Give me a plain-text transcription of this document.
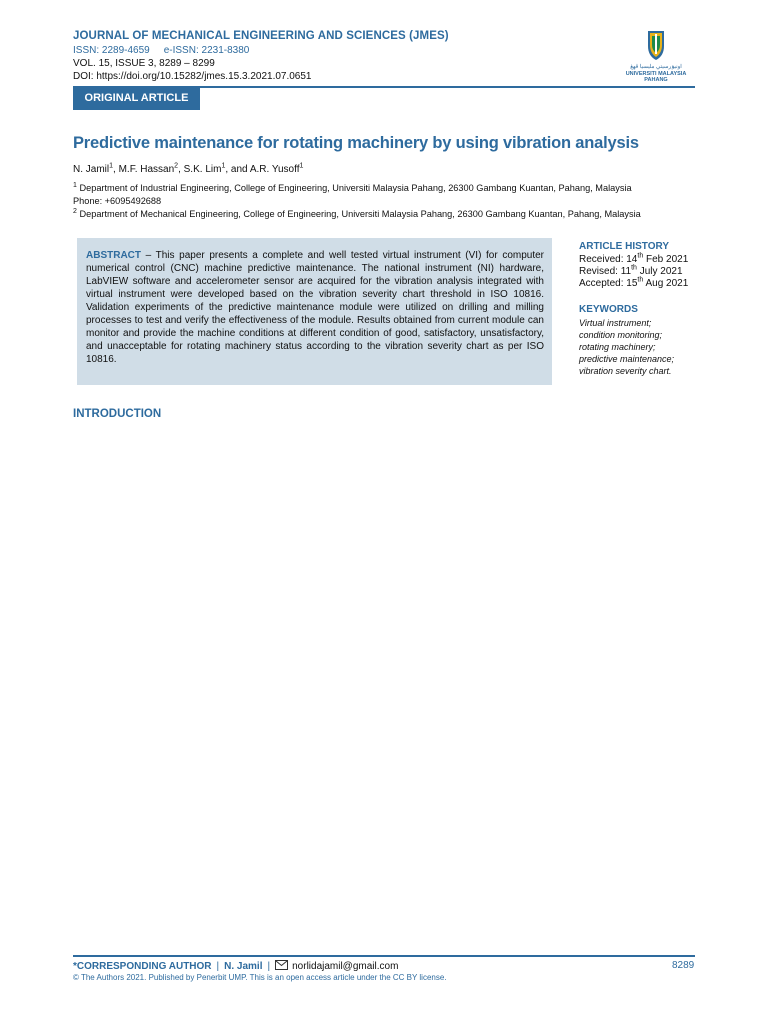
JOURNAL OF MECHANICAL ENGINEERING AND SCIENCES (JMES)
ISSN: 2289-4659 e-ISSN: 2231-8380
VOL. 15, ISSUE 3, 8289 – 8299
DOI: https://doi.org/10.15282/jmes.15.3.2021.07.0651
اونيۏرسيتي مليسيا ڤهڠ
UNIVERSITI MALAYSIA PAHANG
ORIGINAL ARTICLE
Predictive maintenance for rotating machinery by using vibration analysis
N. Jamil$^1$, M.F. Hassan$^2$, S.K. Lim$^1$, and A.R. Yusoff$^1$
$^1$ Department of Industrial Engineering, College of Engineering, Universiti Malaysia Pahang, 26300 Gambang Kuantan, Pahang, Malaysia
Phone: +6095492688
$^2$ Department of Mechanical Engineering, College of Engineering, Universiti Malaysia Pahang, 26300 Gambang Kuantan, Pahang, Malaysia
ABSTRACT – This paper presents a complete and well tested virtual instrument (VI) for computer numerical control (CNC) machine predictive maintenance. The national instrument (NI) hardware, LabVIEW software and accelerometer sensor are acquired for the vibration analysis integrated with virtual instrument were developed based on the vibration severity chart threshold in ISO 10816. Validation experiments of the predictive maintenance module were utilized on drilling and milling processes to test and verify the effectiveness of the module. Results obtained from current module can monitor and provide the machine conditions at different condition of good, satisfactory, unsatisfactory, and unacceptable for rotating machinery status according to the vibration severity chart as per ISO 10816.
ARTICLE HISTORY
Received: 14th Feb 2021
Revised: 11th July 2021
Accepted: 15th Aug 2021
KEYWORDS
Virtual instrument;
condition monitoring;
rotating machinery;
predictive maintenance;
vibration severity chart.
INTRODUCTION
*CORRESPONDING AUTHOR | N. Jamil | norlidajamil@gmail.com	8289
© The Authors 2021. Published by Penerbit UMP. This is an open access article under the CC BY license.
